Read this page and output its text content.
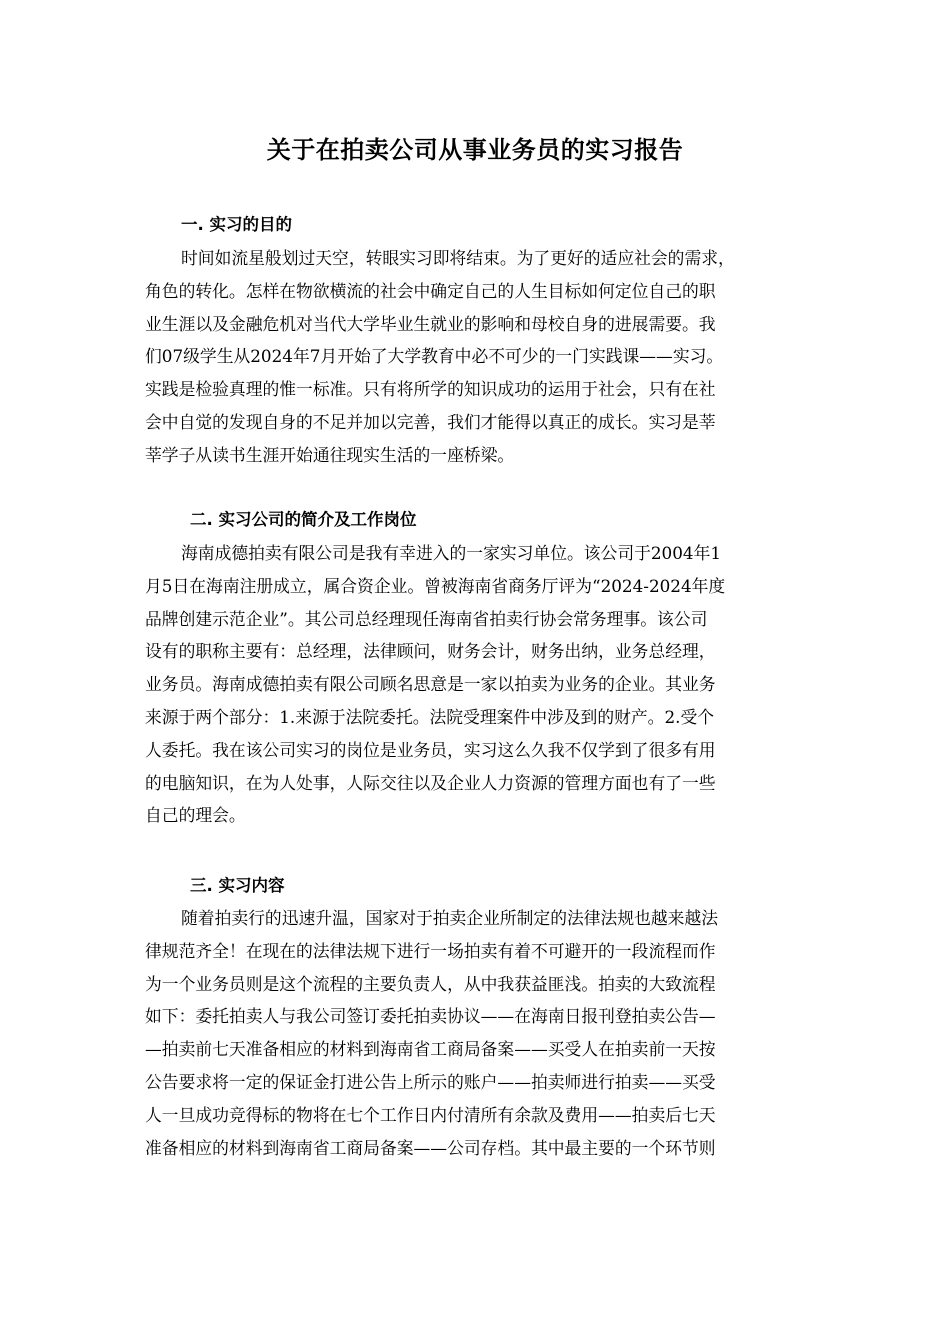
关于在拍卖公司从事业务员的实习报告
一. 实习的目的
时间如流星般划过天空，转眼实习即将结束。为了更好的适应社会的需求，
角色的转化。怎样在物欲横流的社会中确定自己的人生目标如何定位自己的职
业生涯以及金融危机对当代大学毕业生就业的影响和母校自身的进展需要。我
们07级学生从2024年7月开始了大学教育中必不可少的一门实践课——实习。
实践是检验真理的惟一标准。只有将所学的知识成功的运用于社会，只有在社
会中自觉的发现自身的不足并加以完善，我们才能得以真正的成长。实习是莘
莘学子从读书生涯开始通往现实生活的一座桥梁。
二. 实习公司的简介及工作岗位
海南成德拍卖有限公司是我有幸进入的一家实习单位。该公司于2004年1
月5日在海南注册成立，属合资企业。曾被海南省商务厅评为“2024-2024年度
品牌创建示范企业”。其公司总经理现任海南省拍卖行协会常务理事。该公司
设有的职称主要有：总经理，法律顾问，财务会计，财务出纳，业务总经理，
业务员。海南成德拍卖有限公司顾名思意是一家以拍卖为业务的企业。其业务
来源于两个部分：1.来源于法院委托。法院受理案件中涉及到的财产。2.受个
人委托。我在该公司实习的岗位是业务员，实习这么久我不仅学到了很多有用
的电脑知识，在为人处事，人际交往以及企业人力资源的管理方面也有了一些
自己的理会。
三. 实习内容
随着拍卖行的迅速升温，国家对于拍卖企业所制定的法律法规也越来越法
律规范齐全！在现在的法律法规下进行一场拍卖有着不可避开的一段流程而作
为一个业务员则是这个流程的主要负责人，从中我获益匪浅。拍卖的大致流程
如下：委托拍卖人与我公司签订委托拍卖协议——在海南日报刊登拍卖公告—
—拍卖前七天准备相应的材料到海南省工商局备案——买受人在拍卖前一天按
公告要求将一定的保证金打进公告上所示的账户——拍卖师进行拍卖——买受
人一旦成功竞得标的物将在七个工作日内付清所有余款及费用——拍卖后七天
准备相应的材料到海南省工商局备案——公司存档。其中最主要的一个环节则
